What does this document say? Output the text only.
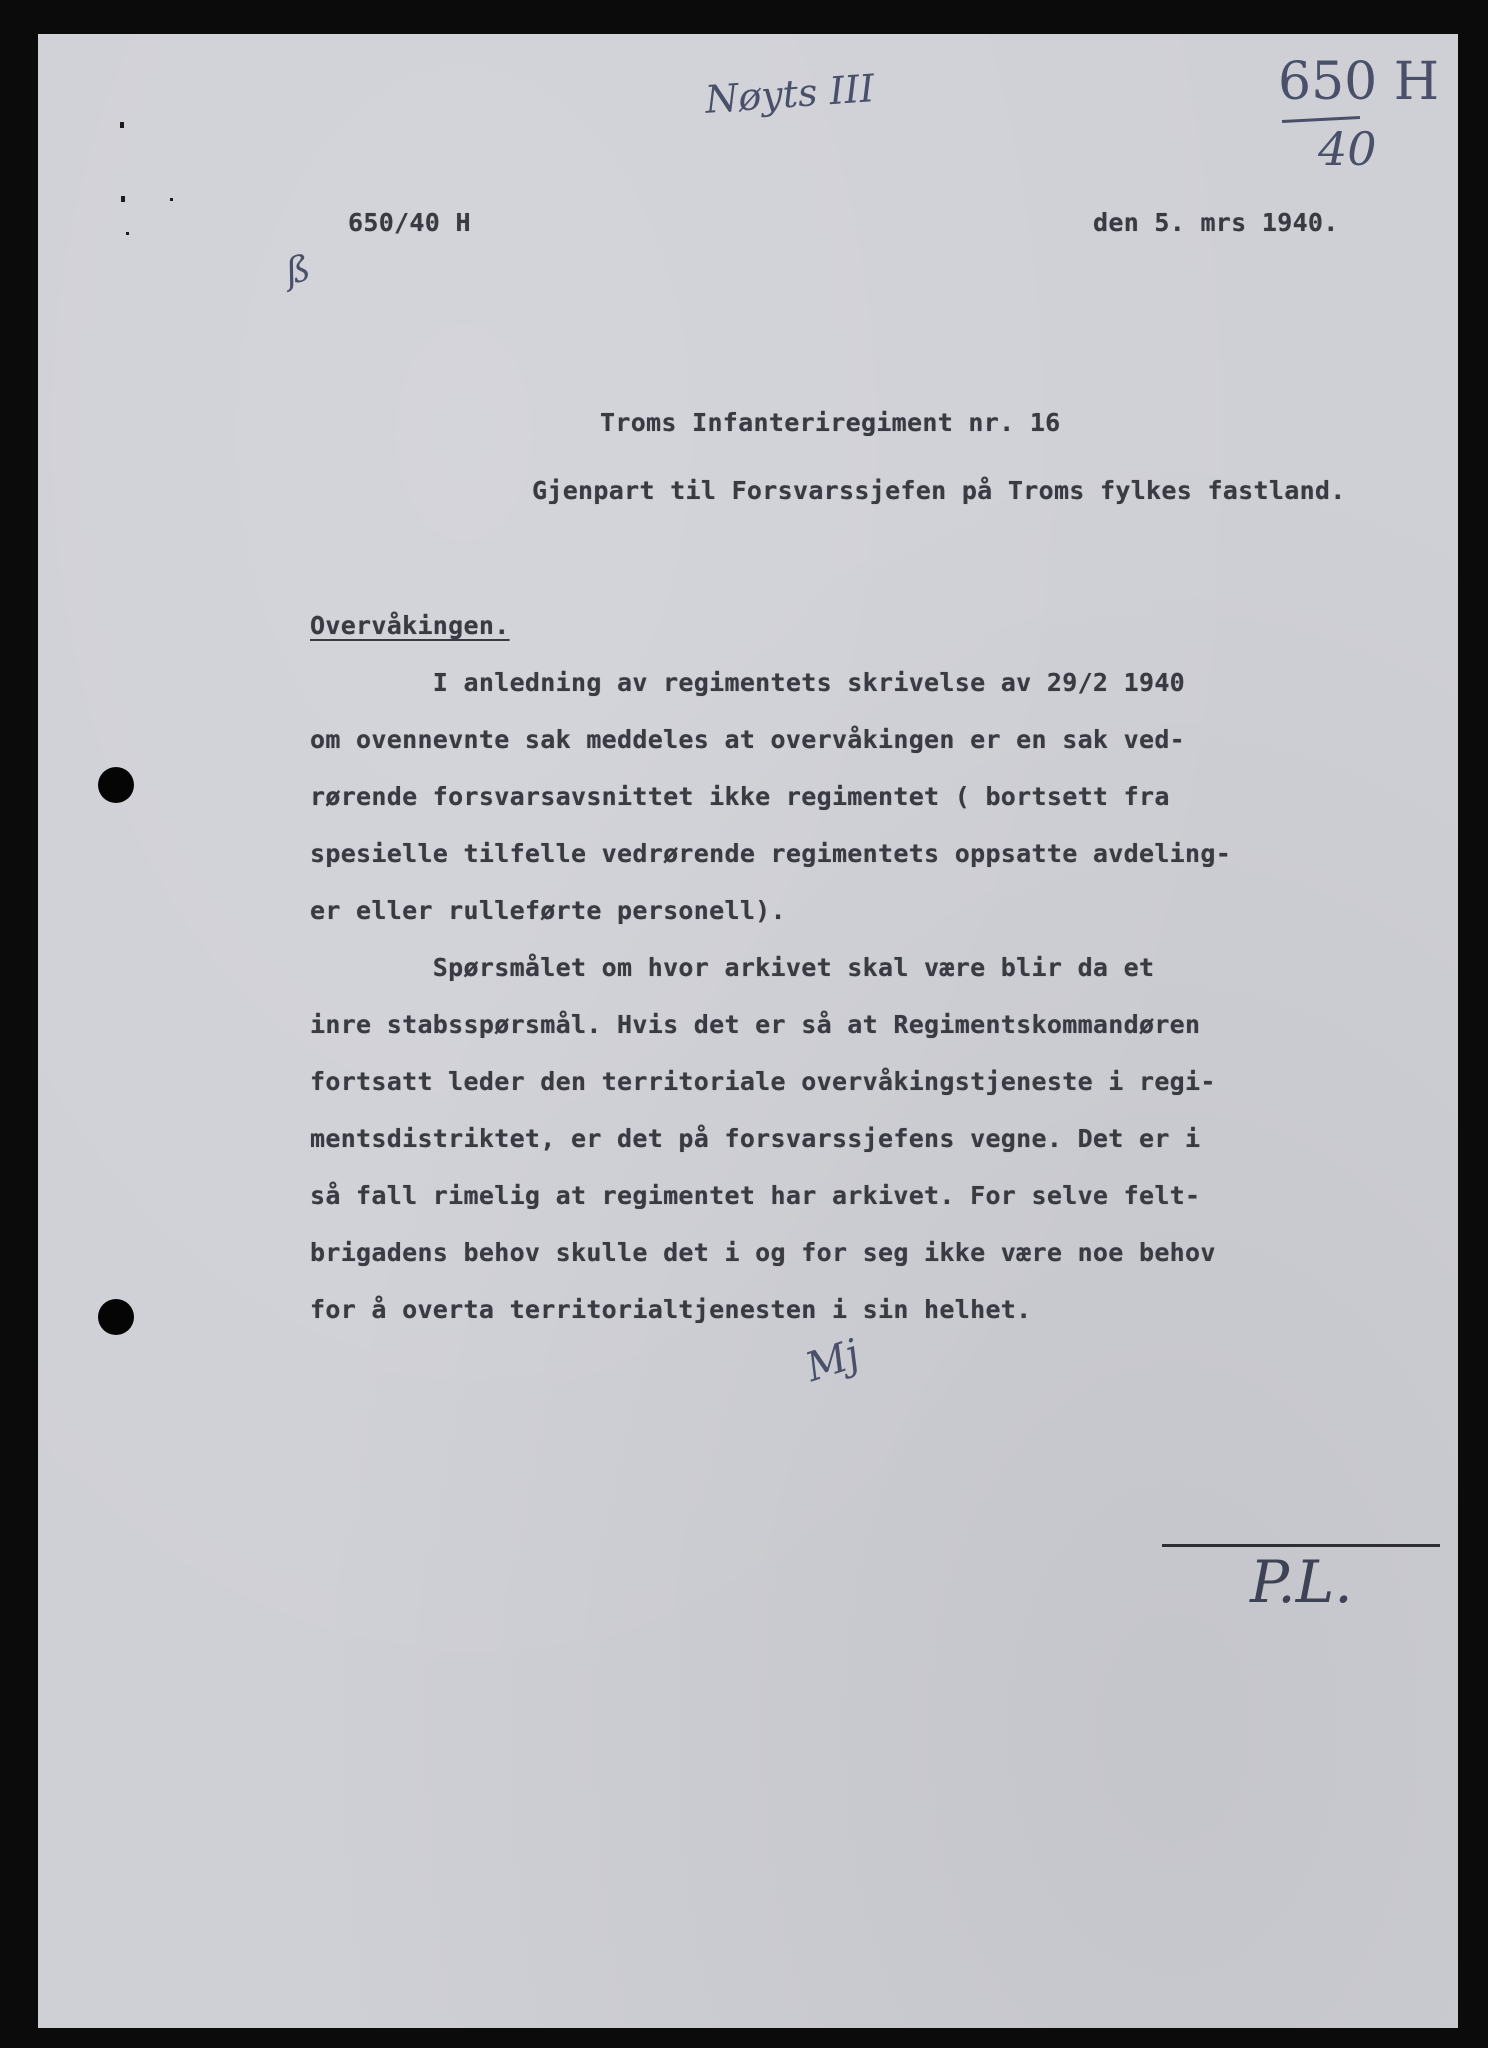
Nøyts III	650 H
40
650/40 H	den 5. mrs 1940.
ß
Troms Infanteriregiment nr. 16
Gjenpart til Forsvarssjefen på Troms fylkes fastland.
Overvåkingen.
I anledning av regimentets skrivelse av 29/2 1940
om ovennevnte sak meddeles at overvåkingen er en sak ved-
rørende forsvarsavsnittet ikke regimentet ( bortsett fra
spesielle tilfelle vedrørende regimentets oppsatte avdeling-
er eller rulleførte personell).
Spørsmålet om hvor arkivet skal være blir da et
inre stabsspørsmål. Hvis det er så at Regimentskommandøren
fortsatt leder den territoriale overvåkingstjeneste i regi-
mentsdistriktet, er det på forsvarssjefens vegne. Det er i
så fall rimelig at regimentet har arkivet. For selve felt-
brigadens behov skulle det i og for seg ikke være noe behov
for å overta territorialtjenesten i sin helhet.
Mj
P.L.
